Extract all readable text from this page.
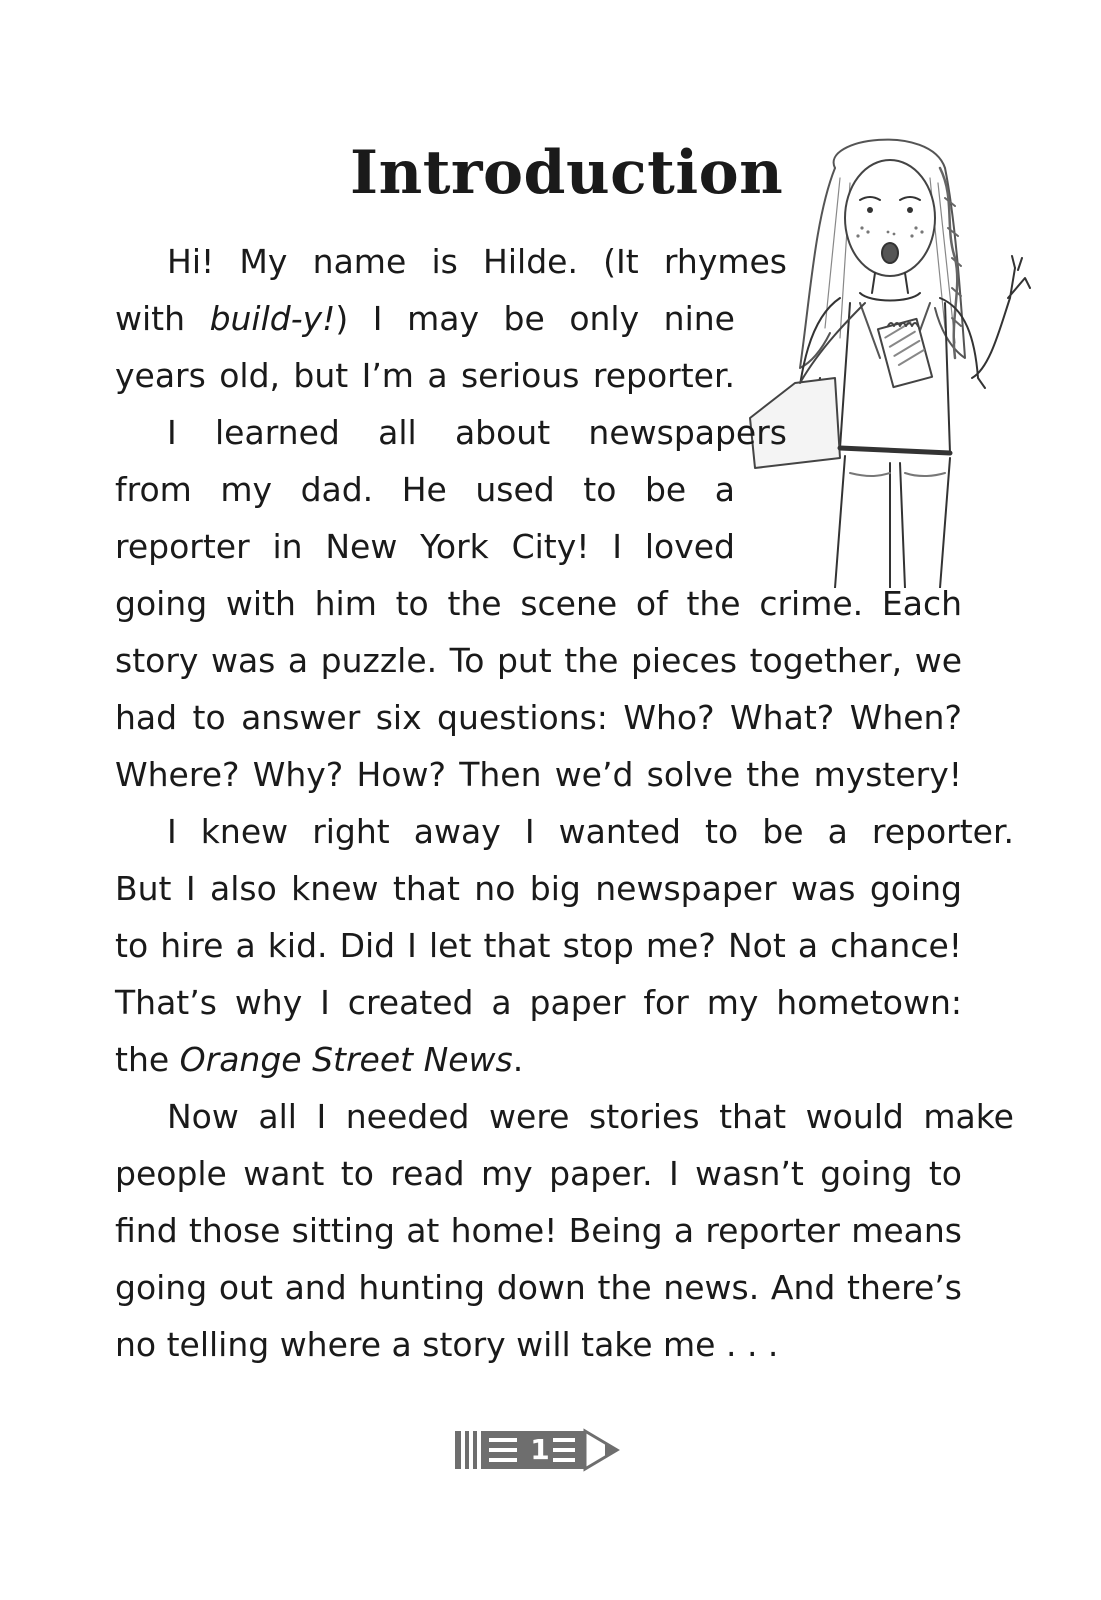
Introduction
Hi! My name is Hilde. (It rhymes
with build-y!) I may be only nine
years old, but I’m a serious reporter.
I learned all about newspapers
from my dad. He used to be a
reporter in New York City! I loved
going with him to the scene of the crime. Each
story was a puzzle. To put the pieces together, we
had to answer six questions: Who? What? When?
Where? Why? How? Then we’d solve the mystery!
I knew right away I wanted to be a reporter.
But I also knew that no big newspaper was going
to hire a kid. Did I let that stop me? Not a chance!
That’s why I created a paper for my hometown:
the Orange Street News.
Now all I needed were stories that would make
people want to read my paper. I wasn’t going to
find those sitting at home! Being a reporter means
going out and hunting down the news. And there’s
no telling where a story will take me . . .
1
